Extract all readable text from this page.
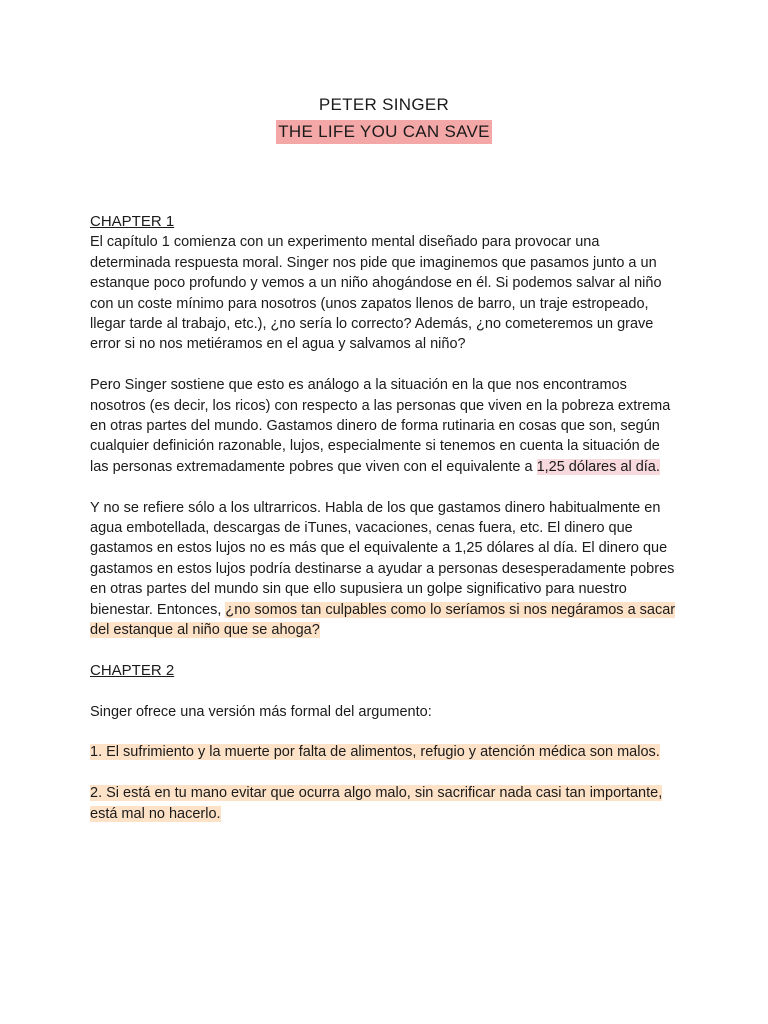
PETER SINGER

THE LIFE YOU CAN SAVE

CHAPTER 1

El capítulo 1 comienza con un experimento mental diseñado para provocar una determinada respuesta moral. Singer nos pide que imaginemos que pasamos junto a un estanque poco profundo y vemos a un niño ahogándose en él. Si podemos salvar al niño con un coste mínimo para nosotros (unos zapatos llenos de barro, un traje estropeado, llegar tarde al trabajo, etc.), ¿no sería lo correcto? Además, ¿no cometeremos un grave error si no nos metiéramos en el agua y salvamos al niño?

Pero Singer sostiene que esto es análogo a la situación en la que nos encontramos nosotros (es decir, los ricos) con respecto a las personas que viven en la pobreza extrema en otras partes del mundo. Gastamos dinero de forma rutinaria en cosas que son, según cualquier definición razonable, lujos, especialmente si tenemos en cuenta la situación de las personas extremadamente pobres que viven con el equivalente a 1,25 dólares al día.

Y no se refiere sólo a los ultrarricos. Habla de los que gastamos dinero habitualmente en agua embotellada, descargas de iTunes, vacaciones, cenas fuera, etc. El dinero que gastamos en estos lujos no es más que el equivalente a 1,25 dólares al día. El dinero que gastamos en estos lujos podría destinarse a ayudar a personas desesperadamente pobres en otras partes del mundo sin que ello supusiera un golpe significativo para nuestro bienestar. Entonces, ¿no somos tan culpables como lo seríamos si nos negáramos a sacar del estanque al niño que se ahoga?

CHAPTER 2

Singer ofrece una versión más formal del argumento:

1. El sufrimiento y la muerte por falta de alimentos, refugio y atención médica son malos.

2. Si está en tu mano evitar que ocurra algo malo, sin sacrificar nada casi tan importante, está mal no hacerlo.
